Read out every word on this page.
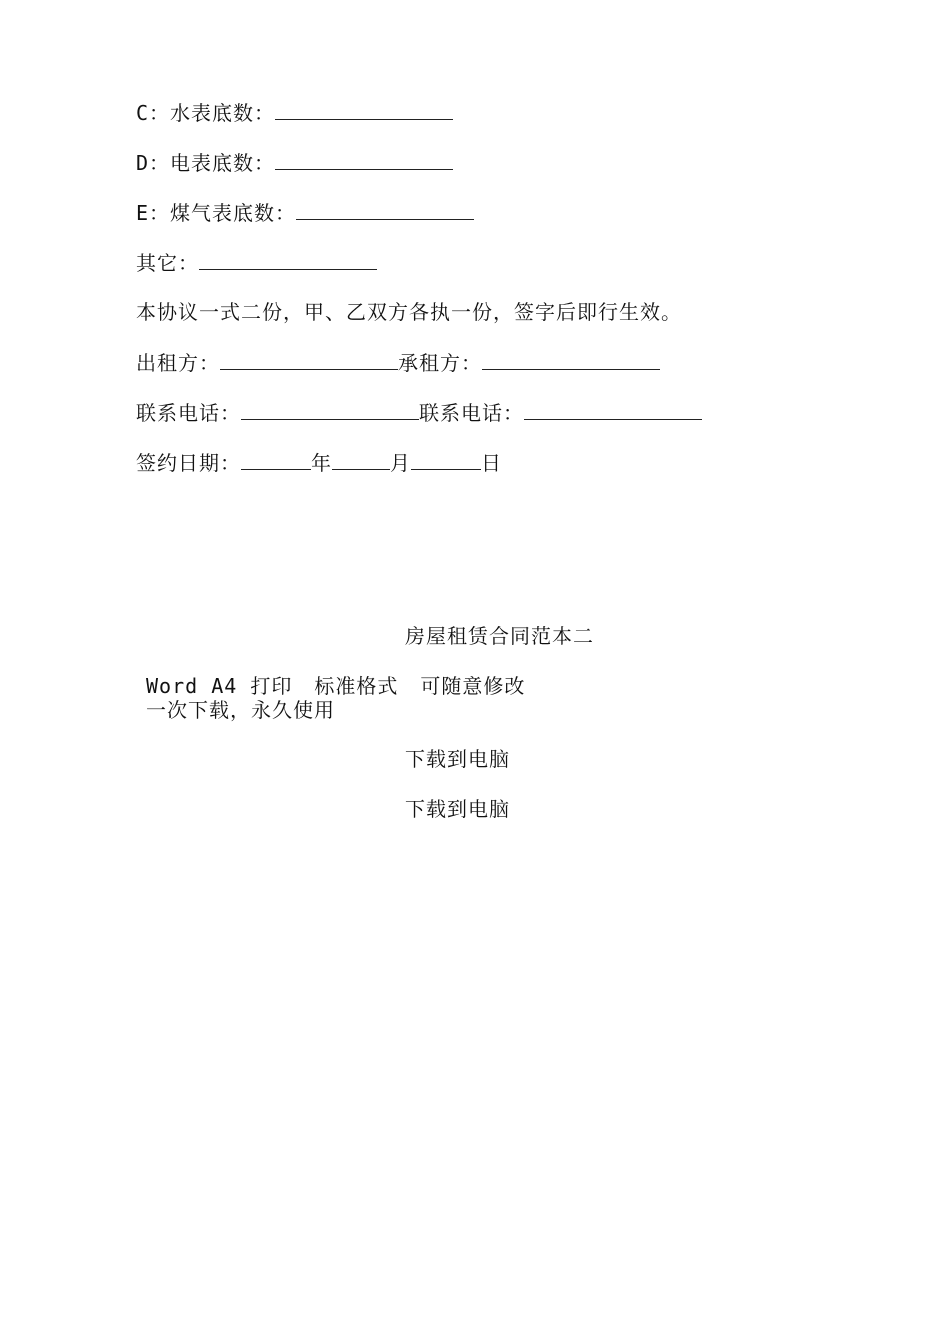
C：水表底数：
D：电表底数：
E：煤气表底数：
其它：
本协议一式二份，甲、乙双方各执一份，签字后即行生效。
出租方：	承租方：
联系电话：	联系电话：
签约日期：	年	月	日
房屋租赁合同范本二
Word A4 打印 标准格式 可随意修改
一次下载，永久使用
下载到电脑
下载到电脑
